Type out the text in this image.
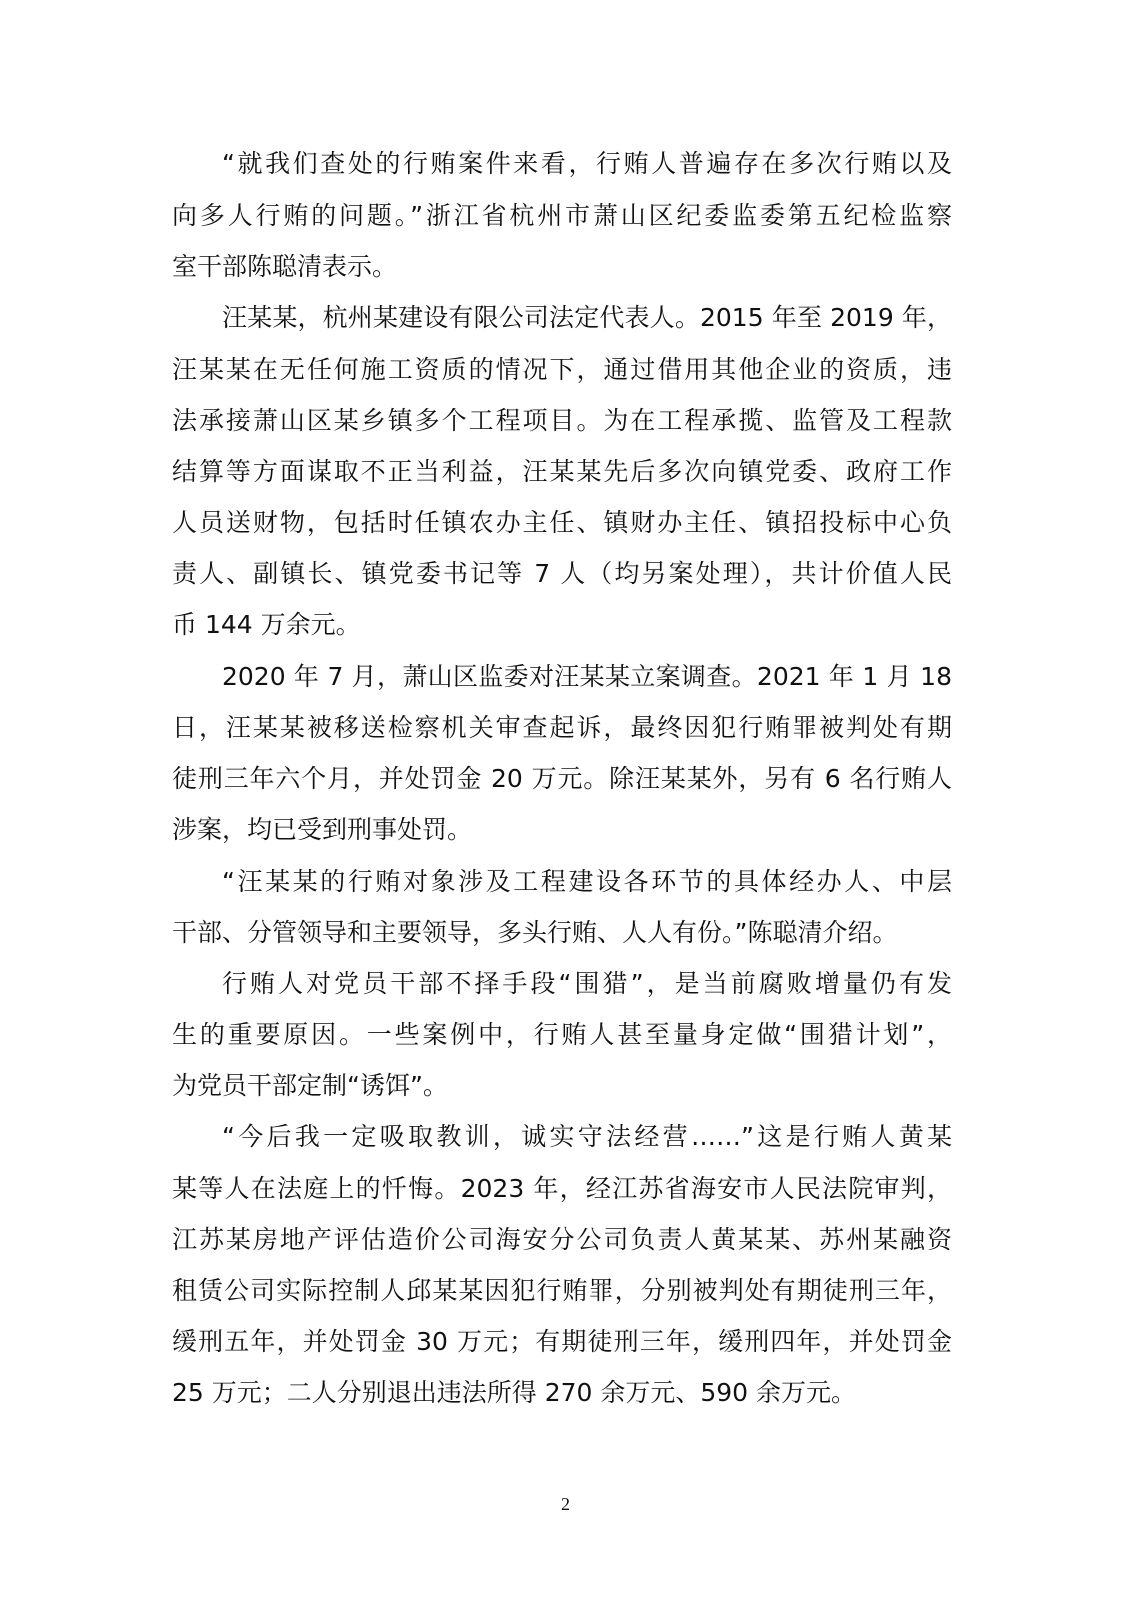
“就我们查处的行贿案件来看，行贿人普遍存在多次行贿以及
向多人行贿的问题。”浙江省杭州市萧山区纪委监委第五纪检监察
室干部陈聪清表示。
汪某某，杭州某建设有限公司法定代表人。2015 年至 2019 年，
汪某某在无任何施工资质的情况下，通过借用其他企业的资质，违
法承接萧山区某乡镇多个工程项目。为在工程承揽、监管及工程款
结算等方面谋取不正当利益，汪某某先后多次向镇党委、政府工作
人员送财物，包括时任镇农办主任、镇财办主任、镇招投标中心负
责人、副镇长、镇党委书记等 7 人（均另案处理），共计价值人民
币 144 万余元。
2020 年 7 月，萧山区监委对汪某某立案调查。2021 年 1 月 18
日，汪某某被移送检察机关审查起诉，最终因犯行贿罪被判处有期
徒刑三年六个月，并处罚金 20 万元。除汪某某外，另有 6 名行贿人
涉案，均已受到刑事处罚。
“汪某某的行贿对象涉及工程建设各环节的具体经办人、中层
干部、分管领导和主要领导，多头行贿、人人有份。”陈聪清介绍。
行贿人对党员干部不择手段“围猎”，是当前腐败增量仍有发
生的重要原因。一些案例中，行贿人甚至量身定做“围猎计划”，
为党员干部定制“诱饵”。
“今后我一定吸取教训，诚实守法经营……”这是行贿人黄某
某等人在法庭上的忏悔。2023 年，经江苏省海安市人民法院审判，
江苏某房地产评估造价公司海安分公司负责人黄某某、苏州某融资
租赁公司实际控制人邱某某因犯行贿罪，分别被判处有期徒刑三年，
缓刑五年，并处罚金 30 万元；有期徒刑三年，缓刑四年，并处罚金
25 万元；二人分别退出违法所得 270 余万元、590 余万元。
2
